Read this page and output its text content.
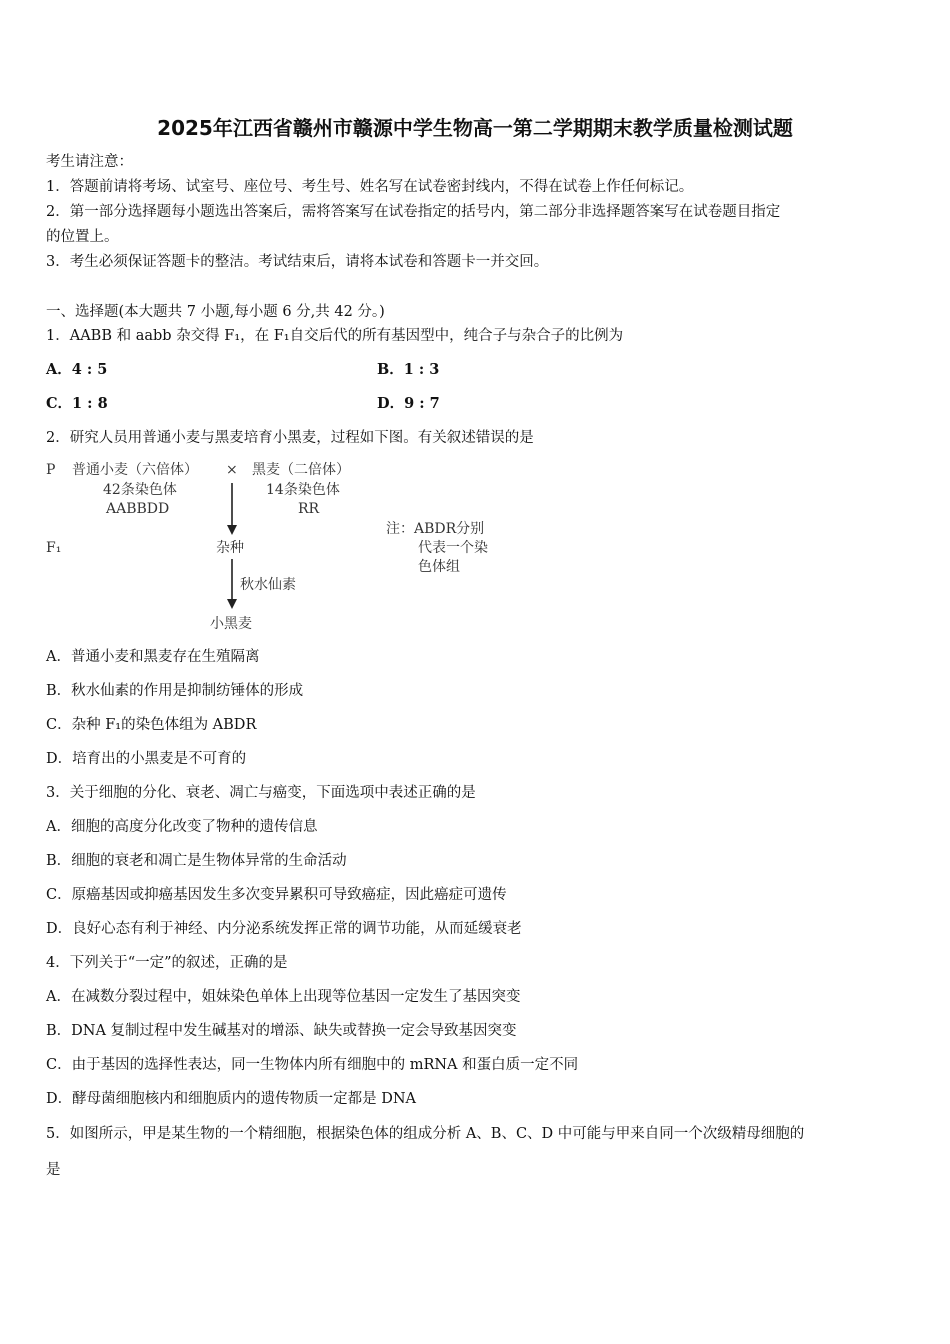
2025年江西省赣州市赣源中学生物高一第二学期期末教学质量检测试题
考生请注意：
1．答题前请将考场、试室号、座位号、考生号、姓名写在试卷密封线内，不得在试卷上作任何标记。
2．第一部分选择题每小题选出答案后，需将答案写在试卷指定的括号内，第二部分非选择题答案写在试卷题目指定
的位置上。
3．考生必须保证答题卡的整洁。考试结束后，请将本试卷和答题卡一并交回。
一、选择题(本大题共 7 小题,每小题 6 分,共 42 分。)
1．AABB 和 aabb 杂交得 F₁，在 F₁自交后代的所有基因型中，纯合子与杂合子的比例为
A．4 : 5	B．1 : 3
C．1 : 8	D．9 : 7
2．研究人员用普通小麦与黑麦培育小黑麦，过程如下图。有关叙述错误的是
P 普通小麦（六倍体） × 黑麦（二倍体）
42条染色体	14条染色体
AABBDD	RR
注：ABDR分别
代表一个染
色体组
F₁	杂种
秋水仙素
小黑麦
A．普通小麦和黑麦存在生殖隔离
B．秋水仙素的作用是抑制纺锤体的形成
C．杂种 F₁的染色体组为 ABDR
D．培育出的小黑麦是不可育的
3．关于细胞的分化、衰老、凋亡与癌变，下面选项中表述正确的是
A．细胞的高度分化改变了物种的遗传信息
B．细胞的衰老和凋亡是生物体异常的生命活动
C．原癌基因或抑癌基因发生多次变异累积可导致癌症，因此癌症可遗传
D．良好心态有利于神经、内分泌系统发挥正常的调节功能，从而延缓衰老
4．下列关于“一定”的叙述，正确的是
A．在减数分裂过程中，姐妹染色单体上出现等位基因一定发生了基因突变
B．DNA 复制过程中发生碱基对的增添、缺失或替换一定会导致基因突变
C．由于基因的选择性表达，同一生物体内所有细胞中的 mRNA 和蛋白质一定不同
D．酵母菌细胞核内和细胞质内的遗传物质一定都是 DNA
5．如图所示，甲是某生物的一个精细胞，根据染色体的组成分析 A、B、C、D 中可能与甲来自同一个次级精母细胞的
是
